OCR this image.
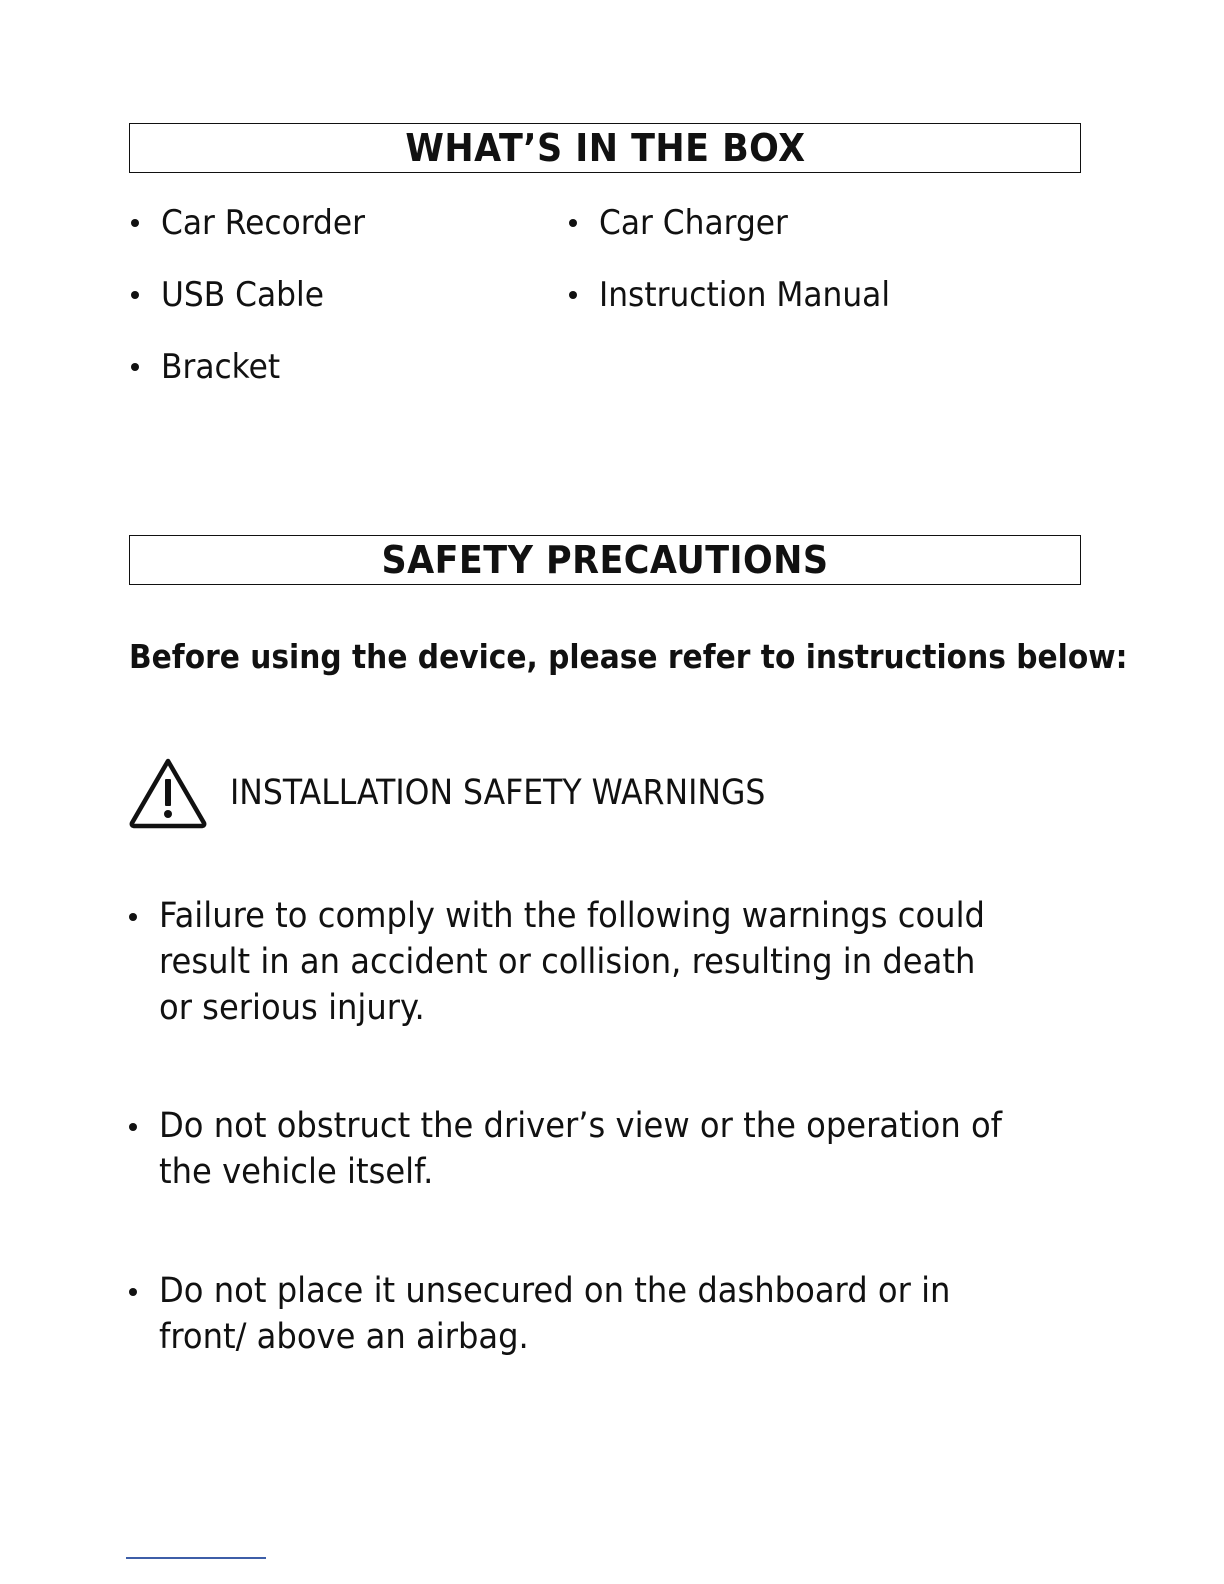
WHAT’S IN THE BOX
Car Recorder	Car Charger
USB Cable	Instruction Manual
Bracket
SAFETY PRECAUTIONS

Before using the device, please refer to instructions below:

INSTALLATION SAFETY WARNINGS

Failure to comply with the following warnings could result in an accident or collision, resulting in death or serious injury.

Do not obstruct the driver’s view or the operation of the vehicle itself.

Do not place it unsecured on the dashboard or in front/ above an airbag.
